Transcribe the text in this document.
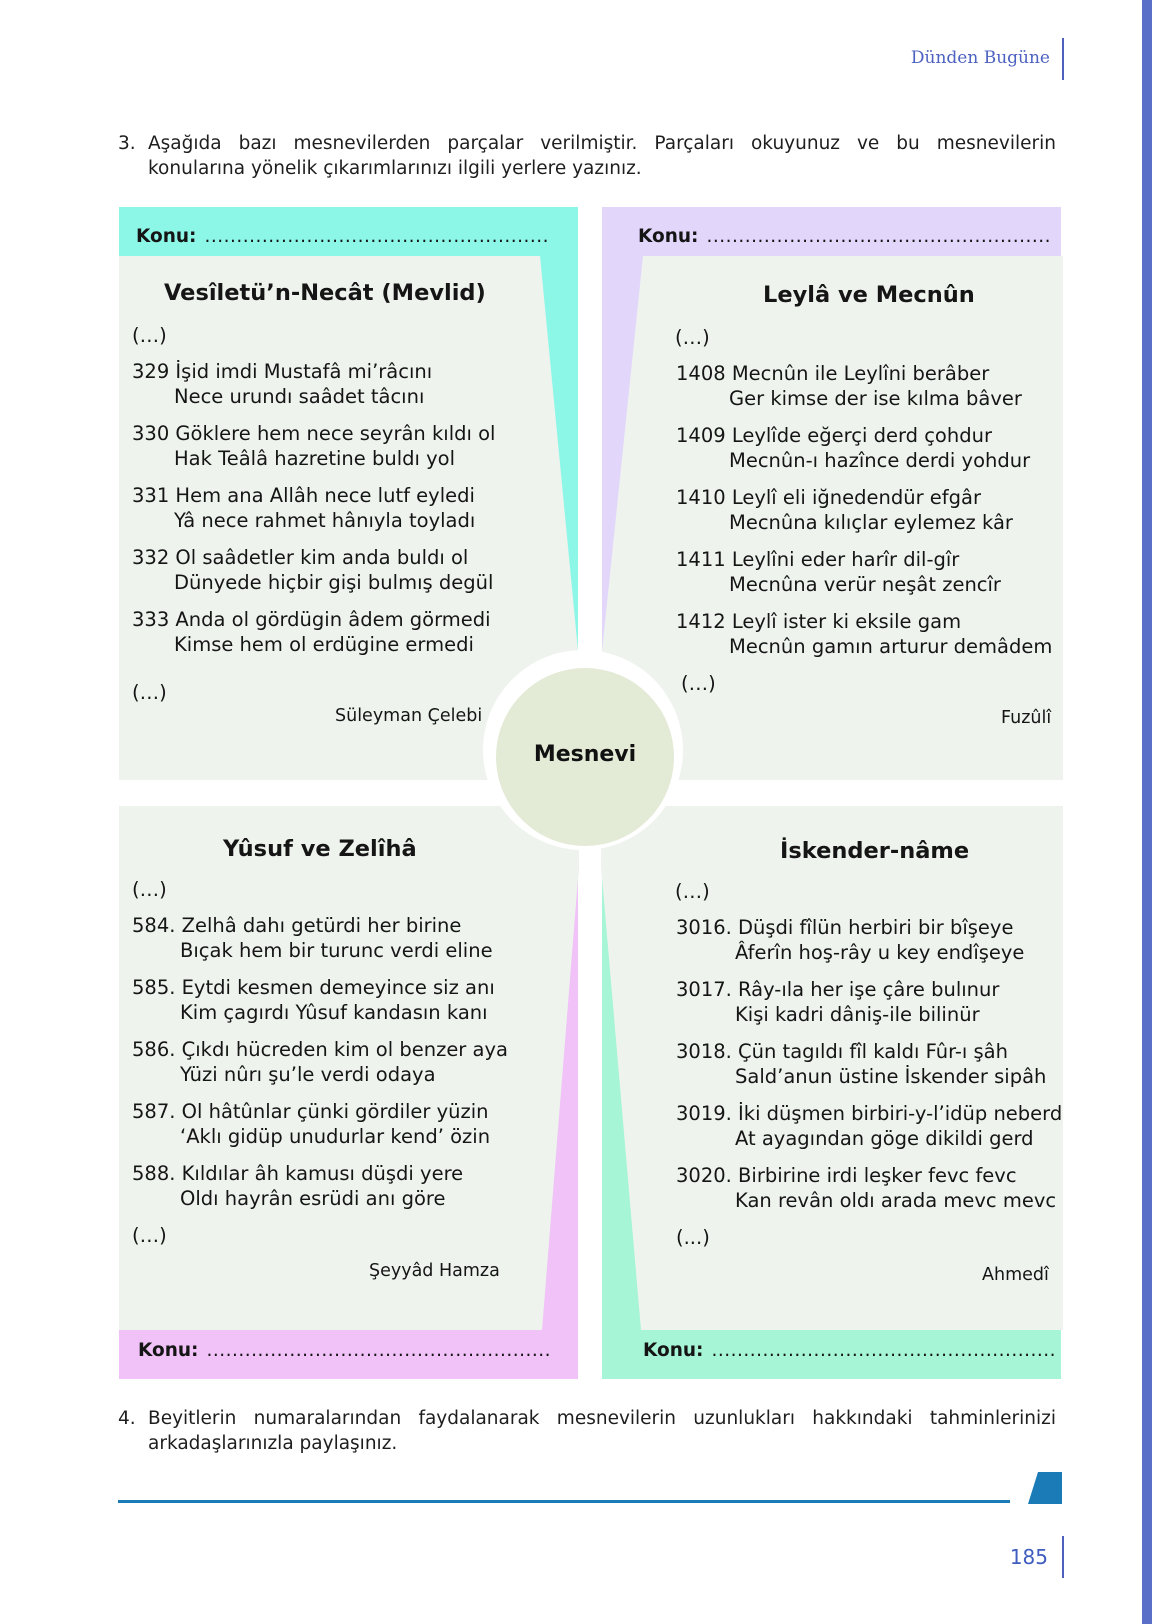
Dünden Bugüne
3. Aşağıda bazı mesnevilerden parçalar verilmiştir. Parçaları okuyunuz ve bu mesnevilerin konularına yönelik çıkarımlarınızı ilgili yerlere yazınız.
Konu: ......................................................	Konu: ......................................................
Konu: ......................................................	Konu: ......................................................
Vesîletü’n-Necât (Mevlid)
(…)
329 İşid imdi Mustafâ mi’râcını
Nece urundı saâdet tâcını
330 Göklere hem nece seyrân kıldı ol
Hak Teâlâ hazretine buldı yol
331 Hem ana Allâh nece lutf eyledi
Yâ nece rahmet hânıyla toyladı
332 Ol saâdetler kim anda buldı ol
Dünyede hiçbir gişi bulmış degül
333 Anda ol gördügin âdem görmedi
Kimse hem ol erdügine ermedi
(…)
Süleyman Çelebi
Leylâ ve Mecnûn
(…)
1408 Mecnûn ile Leylîni berâber
Ger kimse der ise kılma bâver
1409 Leylîde eğerçi derd çohdur
Mecnûn-ı hazînce derdi yohdur
1410 Leylî eli iğnedendür efgâr
Mecnûna kılıçlar eylemez kâr
1411 Leylîni eder harîr dil-gîr
Mecnûna verür neşât zencîr
1412 Leylî ister ki eksile gam
Mecnûn gamın arturur demâdem
(…)
Fuzûlî
Yûsuf ve Zelîhâ
(…)
584. Zelhâ dahı getürdi her birine
Bıçak hem bir turunc verdi eline
585. Eytdi kesmen demeyince siz anı
Kim çagırdı Yûsuf kandasın kanı
586. Çıkdı hücreden kim ol benzer aya
Yüzi nûrı şu’le verdi odaya
587. Ol hâtûnlar çünki gördiler yüzin
‘Aklı gidüp unudurlar kend’ özin
588. Kıldılar âh kamusı düşdi yere
Oldı hayrân esrüdi anı göre
(…)
Şeyyâd Hamza
İskender-nâme
(…)
3016. Düşdi fîlün herbiri bir bîşeye
Âferîn hoş-rây u key endîşeye
3017. Rây-ıla her işe çâre bulınur
Kişi kadri dâniş-ile bilinür
3018. Çün tagıldı fîl kaldı Fûr-ı şâh
Sald’anun üstine İskender sipâh
3019. İki düşmen birbiri-y-l’idüp neberd
At ayagından göge dikildi gerd
3020. Birbirine irdi leşker fevc fevc
Kan revân oldı arada mevc mevc
(...)
Ahmedî
Mesnevi
4. Beyitlerin numaralarından faydalanarak mesnevilerin uzunlukları hakkındaki tahminlerinizi arkadaşlarınızla paylaşınız.
185
